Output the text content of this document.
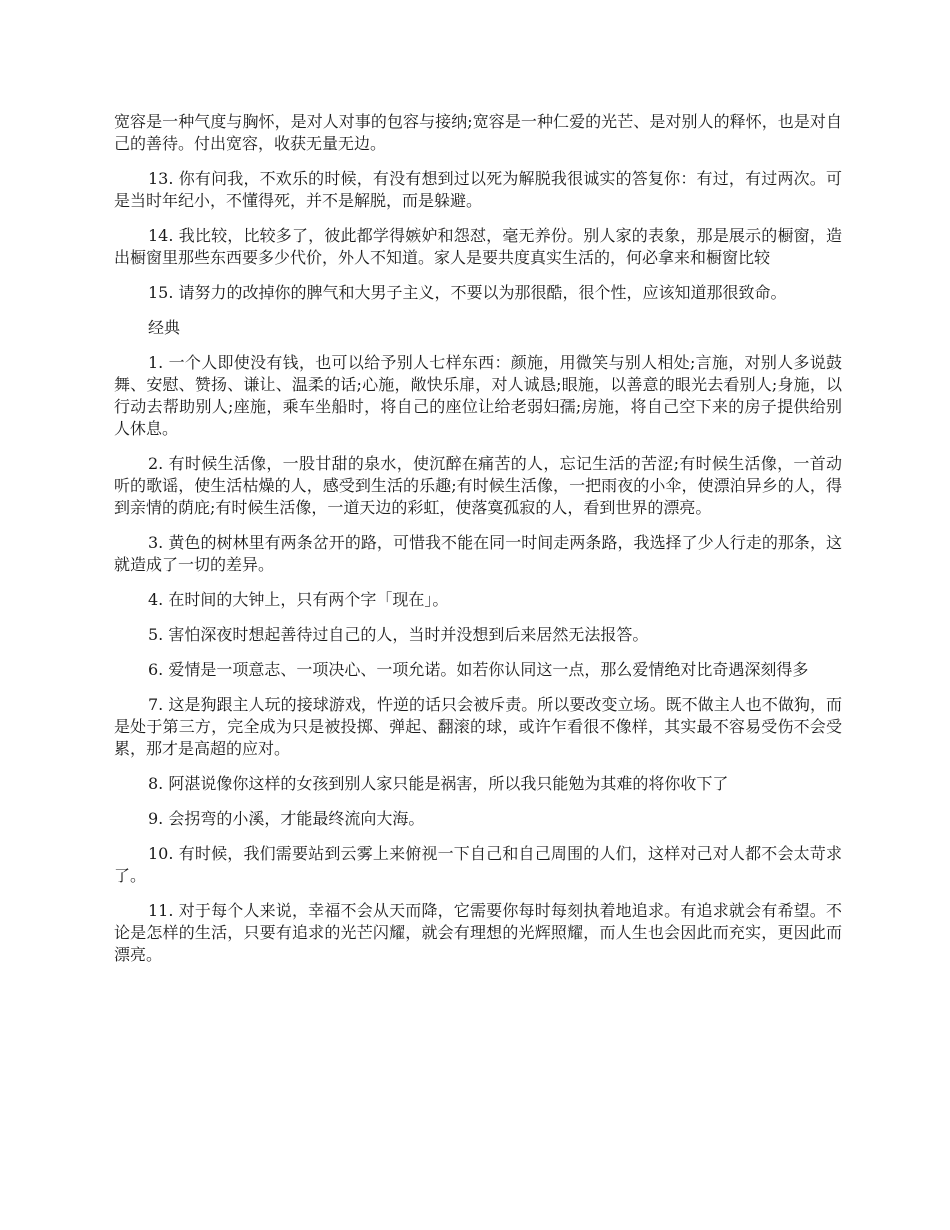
宽容是一种气度与胸怀，是对人对事的包容与接纳;宽容是一种仁爱的光芒、是对别人的释怀，也是对自己的善待。付出宽容，收获无量无边。

13. 你有问我，不欢乐的时候，有没有想到过以死为解脱我很诚实的答复你：有过，有过两次。可是当时年纪小，不懂得死，并不是解脱，而是躲避。

14. 我比较，比较多了，彼此都学得嫉妒和怨怼，毫无养份。别人家的表象，那是展示的橱窗，造出橱窗里那些东西要多少代价，外人不知道。家人是要共度真实生活的，何必拿来和橱窗比较

15. 请努力的改掉你的脾气和大男子主义，不要以为那很酷，很个性，应该知道那很致命。

经典

1. 一个人即使没有钱，也可以给予别人七样东西：颜施，用微笑与别人相处;言施，对别人多说鼓舞、安慰、赞扬、谦让、温柔的话;心施，敞快乐扉，对人诚恳;眼施，以善意的眼光去看别人;身施，以行动去帮助别人;座施，乘车坐船时，将自己的座位让给老弱妇孺;房施，将自己空下来的房子提供给别人休息。

2. 有时候生活像，一股甘甜的泉水，使沉醉在痛苦的人，忘记生活的苦涩;有时候生活像，一首动听的歌谣，使生活枯燥的人，感受到生活的乐趣;有时候生活像，一把雨夜的小伞，使漂泊异乡的人，得到亲情的荫庇;有时候生活像，一道天边的彩虹，使落寞孤寂的人，看到世界的漂亮。

3. 黄色的树林里有两条岔开的路，可惜我不能在同一时间走两条路，我选择了少人行走的那条，这就造成了一切的差异。

4. 在时间的大钟上，只有两个字「现在」。

5. 害怕深夜时想起善待过自己的人，当时并没想到后来居然无法报答。

6. 爱情是一项意志、一项决心、一项允诺。如若你认同这一点，那么爱情绝对比奇遇深刻得多

7. 这是狗跟主人玩的接球游戏，忤逆的话只会被斥责。所以要改变立场。既不做主人也不做狗，而是处于第三方，完全成为只是被投掷、弹起、翻滚的球，或许乍看很不像样，其实最不容易受伤不会受累，那才是高超的应对。

8. 阿湛说像你这样的女孩到别人家只能是祸害，所以我只能勉为其难的将你收下了

9. 会拐弯的小溪，才能最终流向大海。

10. 有时候，我们需要站到云雾上来俯视一下自己和自己周围的人们，这样对己对人都不会太苛求了。

11. 对于每个人来说，幸福不会从天而降，它需要你每时每刻执着地追求。有追求就会有希望。不论是怎样的生活，只要有追求的光芒闪耀，就会有理想的光辉照耀，而人生也会因此而充实，更因此而漂亮。
